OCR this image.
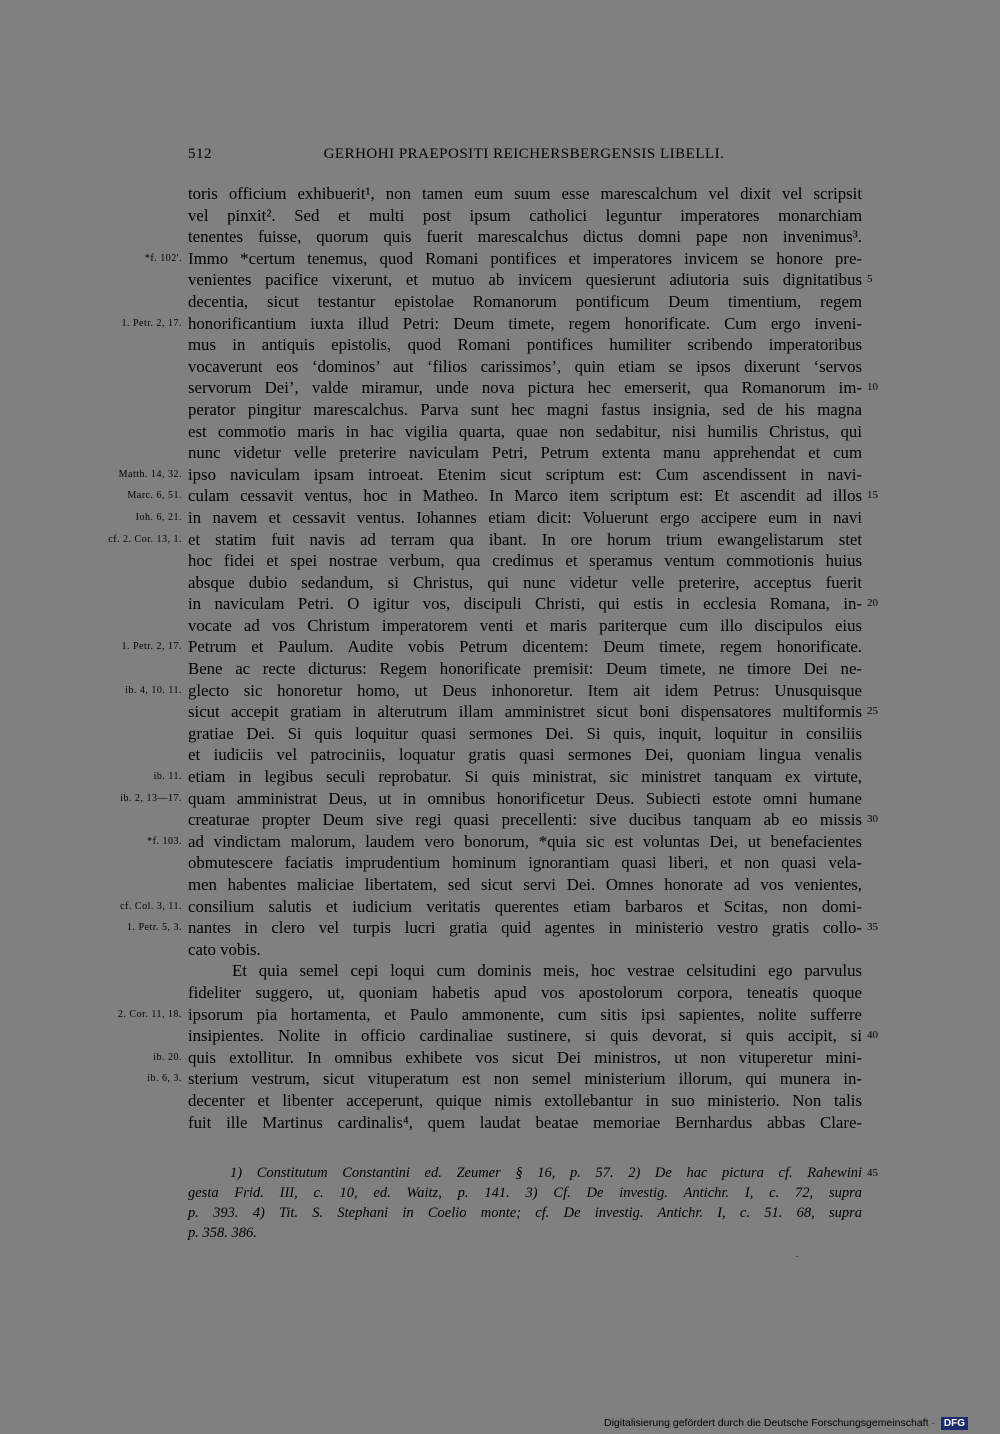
512	GERHOHI PRAEPOSITI REICHERSBERGENSIS LIBELLI.
toris officium exhibuerit¹, non tamen eum suum esse marescalchum vel dixit vel scripsit
vel pinxit². Sed et multi post ipsum catholici leguntur imperatores monarchiam
tenentes fuisse, quorum quis fuerit marescalchus dictus domni pape non invenimus³.
*f. 102'. Immo *certum tenemus, quod Romani pontifices et imperatores invicem se honore pre-
venientes pacifice vixerunt, et mutuo ab invicem quesierunt adiutoria suis dignitatibus 5
decentia, sicut testantur epistolae Romanorum pontificum Deum timentium, regem
1. Petr. 2, 17. honorificantium iuxta illud Petri: Deum timete, regem honorificate. Cum ergo inveni-
mus in antiquis epistolis, quod Romani pontifices humiliter scribendo imperatoribus
vocaverunt eos ‘dominos’ aut ‘filios carissimos’, quin etiam se ipsos dixerunt ‘servos
servorum Dei’, valde miramur, unde nova pictura hec emerserit, qua Romanorum im- 10
perator pingitur marescalchus. Parva sunt hec magni fastus insignia, sed de his magna
est commotio maris in hac vigilia quarta, quae non sedabitur, nisi humilis Christus, qui
nunc videtur velle preterire naviculam Petri, Petrum extenta manu apprehendat et cum
Matth. 14, 32. ipso naviculam ipsam introeat. Etenim sicut scriptum est: Cum ascendissent in navi-
Marc. 6, 51. culam cessavit ventus, hoc in Matheo. In Marco item scriptum est: Et ascendit ad illos 15
Ioh. 6, 21. in navem et cessavit ventus. Iohannes etiam dicit: Voluerunt ergo accipere eum in navi
cf. 2. Cor. 13, 1. et statim fuit navis ad terram qua ibant. In ore horum trium ewangelistarum stet
hoc fidei et spei nostrae verbum, qua credimus et speramus ventum commotionis huius
absque dubio sedandum, si Christus, qui nunc videtur velle preterire, acceptus fuerit
in naviculam Petri. O igitur vos, discipuli Christi, qui estis in ecclesia Romana, in- 20
vocate ad vos Christum imperatorem venti et maris pariterque cum illo discipulos eius
1. Petr. 2, 17. Petrum et Paulum. Audite vobis Petrum dicentem: Deum timete, regem honorificate.
Bene ac recte dicturus: Regem honorificate premisit: Deum timete, ne timore Dei ne-
ib. 4, 10. 11. glecto sic honoretur homo, ut Deus inhonoretur. Item ait idem Petrus: Unusquisque
sicut accepit gratiam in alterutrum illam amministret sicut boni dispensatores multiformis 25
gratiae Dei. Si quis loquitur quasi sermones Dei. Si quis, inquit, loquitur in consiliis
et iudiciis vel patrociniis, loquatur gratis quasi sermones Dei, quoniam lingua venalis
ib. 11. etiam in legibus seculi reprobatur. Si quis ministrat, sic ministret tanquam ex virtute,
ib. 2, 13—17. quam amministrat Deus, ut in omnibus honorificetur Deus. Subiecti estote omni humane
creaturae propter Deum sive regi quasi precellenti: sive ducibus tanquam ab eo missis 30
*f. 103. ad vindictam malorum, laudem vero bonorum, *quia sic est voluntas Dei, ut benefacientes
obmutescere faciatis imprudentium hominum ignorantiam quasi liberi, et non quasi vela-
men habentes maliciae libertatem, sed sicut servi Dei. Omnes honorate ad vos venientes,
cf. Col. 3, 11. consilium salutis et iudicium veritatis querentes etiam barbaros et Scitas, non domi-
1. Petr. 5, 3. nantes in clero vel turpis lucri gratia quid agentes in ministerio vestro gratis collo- 35
cato vobis.
Et quia semel cepi loqui cum dominis meis, hoc vestrae celsitudini ego parvulus
fideliter suggero, ut, quoniam habetis apud vos apostolorum corpora, teneatis quoque
2. Cor. 11, 18. ipsorum pia hortamenta, et Paulo ammonente, cum sitis ipsi sapientes, nolite sufferre
insipientes. Nolite in officio cardinaliae sustinere, si quis devorat, si quis accipit, si 40
ib. 20. quis extollitur. In omnibus exhibete vos sicut Dei ministros, ut non vituperetur mini-
ib. 6, 3. sterium vestrum, sicut vituperatum est non semel ministerium illorum, qui munera in-
decenter et libenter acceperunt, quique nimis extollebantur in suo ministerio. Non talis
fuit ille Martinus cardinalis⁴, quem laudat beatae memoriae Bernhardus abbas Clare-
1) Constitutum Constantini ed. Zeumer § 16, p. 57. 2) De hac pictura cf. Rahewini 45
gesta Frid. III, c. 10, ed. Waitz, p. 141. 3) Cf. De investig. Antichr. I, c. 72, supra
p. 393. 4) Tit. S. Stephani in Coelio monte; cf. De investig. Antichr. I, c. 51. 68, supra
p. 358. 386.
Digitalisierung gefördert durch die Deutsche Forschungsgemeinschaft · DFG
